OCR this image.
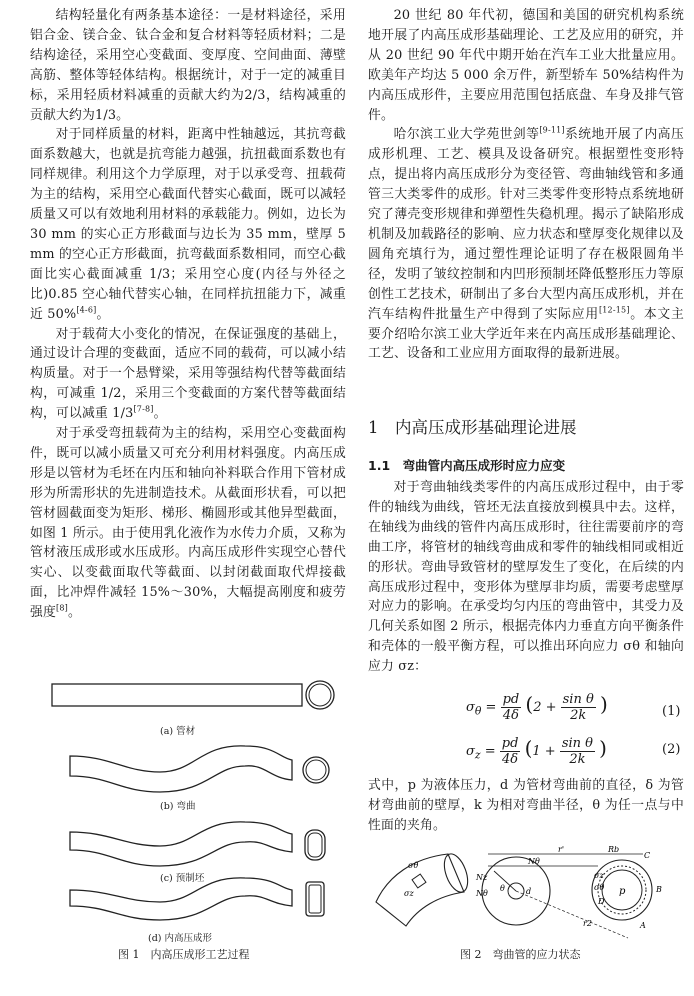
结构轻量化有两条基本途径：一是材料途径，采用铝合金、镁合金、钛合金和复合材料等轻质材料；二是结构途径，采用空心变截面、变厚度、空间曲面、薄壁高筋、整体等轻体结构。根据统计，对于一定的减重目标，采用轻质材料减重的贡献大约为2/3，结构减重的贡献大约为1/3。

对于同样质量的材料，距离中性轴越远，其抗弯截面系数越大，也就是抗弯能力越强，抗扭截面系数也有同样规律。利用这个力学原理，对于以承受弯、扭载荷为主的结构，采用空心截面代替实心截面，既可以减轻质量又可以有效地利用材料的承载能力。例如，边长为 30 mm 的实心正方形截面与边长为 35 mm，壁厚 5 mm 的空心正方形截面，抗弯截面系数相同，而空心截面比实心截面减重 1/3；采用空心度(内径与外径之比)0.85 空心轴代替实心轴，在同样抗扭能力下，减重近 50%[4-6]。

对于载荷大小变化的情况，在保证强度的基础上，通过设计合理的变截面，适应不同的载荷，可以减小结构质量。对于一个悬臂梁，采用等强结构代替等截面结构，可减重 1/2，采用三个变截面的方案代替等截面结构，可以减重 1/3[7-8]。

对于承受弯扭载荷为主的结构，采用空心变截面构件，既可以减小质量又可充分利用材料强度。内高压成形是以管材为毛坯在内压和轴向补料联合作用下管材成形为所需形状的先进制造技术。从截面形状看，可以把管材圆截面变为矩形、梯形、椭圆形或其他异型截面，如图 1 所示。由于使用乳化液作为水传力介质，又称为管材液压成形或水压成形。内高压成形件实现空心替代实心、以变截面取代等截面、以封闭截面取代焊接截面，比冲焊件减轻 15%～30%，大幅提高刚度和疲劳强度[8]。

(a) 管材
(b) 弯曲
(c) 预制坯
(d) 内高压成形
图 1　内高压成形工艺过程

20 世纪 80 年代初，德国和美国的研究机构系统地开展了内高压成形基础理论、工艺及应用的研究，并从 20 世纪 90 年代中期开始在汽车工业大批量应用。欧美年产均达 5 000 余万件，新型轿车 50%结构件为内高压成形件，主要应用范围包括底盘、车身及排气管件。

哈尔滨工业大学苑世剑等[9-11]系统地开展了内高压成形机理、工艺、模具及设备研究。根据塑性变形特点，提出将内高压成形分为变径管、弯曲轴线管和多通管三大类零件的成形。针对三类零件变形特点系统地研究了薄壳变形规律和弹塑性失稳机理。揭示了缺陷形成机制及加载路径的影响、应力状态和壁厚变化规律以及圆角充填行为，通过塑性理论证明了存在极限圆角半径，发明了皱纹控制和内凹形预制坯降低整形压力等原创性工艺技术，研制出了多台大型内高压成形机，并在汽车结构件批量生产中得到了实际应用[12-15]。本文主要介绍哈尔滨工业大学近年来在内高压成形基础理论、工艺、设备和工业应用方面取得的最新进展。

1　内高压成形基础理论进展
1.1　弯曲管内高压成形时应力应变

对于弯曲轴线类零件的内高压成形过程中，由于零件的轴线为曲线，管坯无法直接放到模具中去。这样，在轴线为曲线的管件内高压成形时，往往需要前序的弯曲工序，将管材的轴线弯曲成和零件的轴线相同或相近的形状。弯曲导致管材的壁厚发生了变化，在后续的内高压成形过程中，变形体为壁厚非均质，需要考虑壁厚对应力的影响。在承受均匀内压的弯曲管中，其受力及几何关系如图 2 所示，根据壳体内力垂直方向平衡条件和壳体的一般平衡方程，可以推出环向应力 σθ 和轴向应力 σz：

$\sigma_\theta = \frac{pd}{4\delta} (2 + \frac{\text{sin θ}}{2k}$ )	(1)
$\sigma_z = \frac{pd}{4\delta} (1 + \frac{\text{sin θ}}{2k}$ )	(2)

式中，p 为液体压力，d 为管材弯曲前的直径，δ 为管材弯曲前的壁厚，k 为相对弯曲半径，θ 为任一点与中性面的夹角。

σθ
σz
r'	Rb
Nθ
Nz
Nθ
θ	d
r2
p
σz
σθ
D
C
B
A
图 2　弯曲管的应力状态
